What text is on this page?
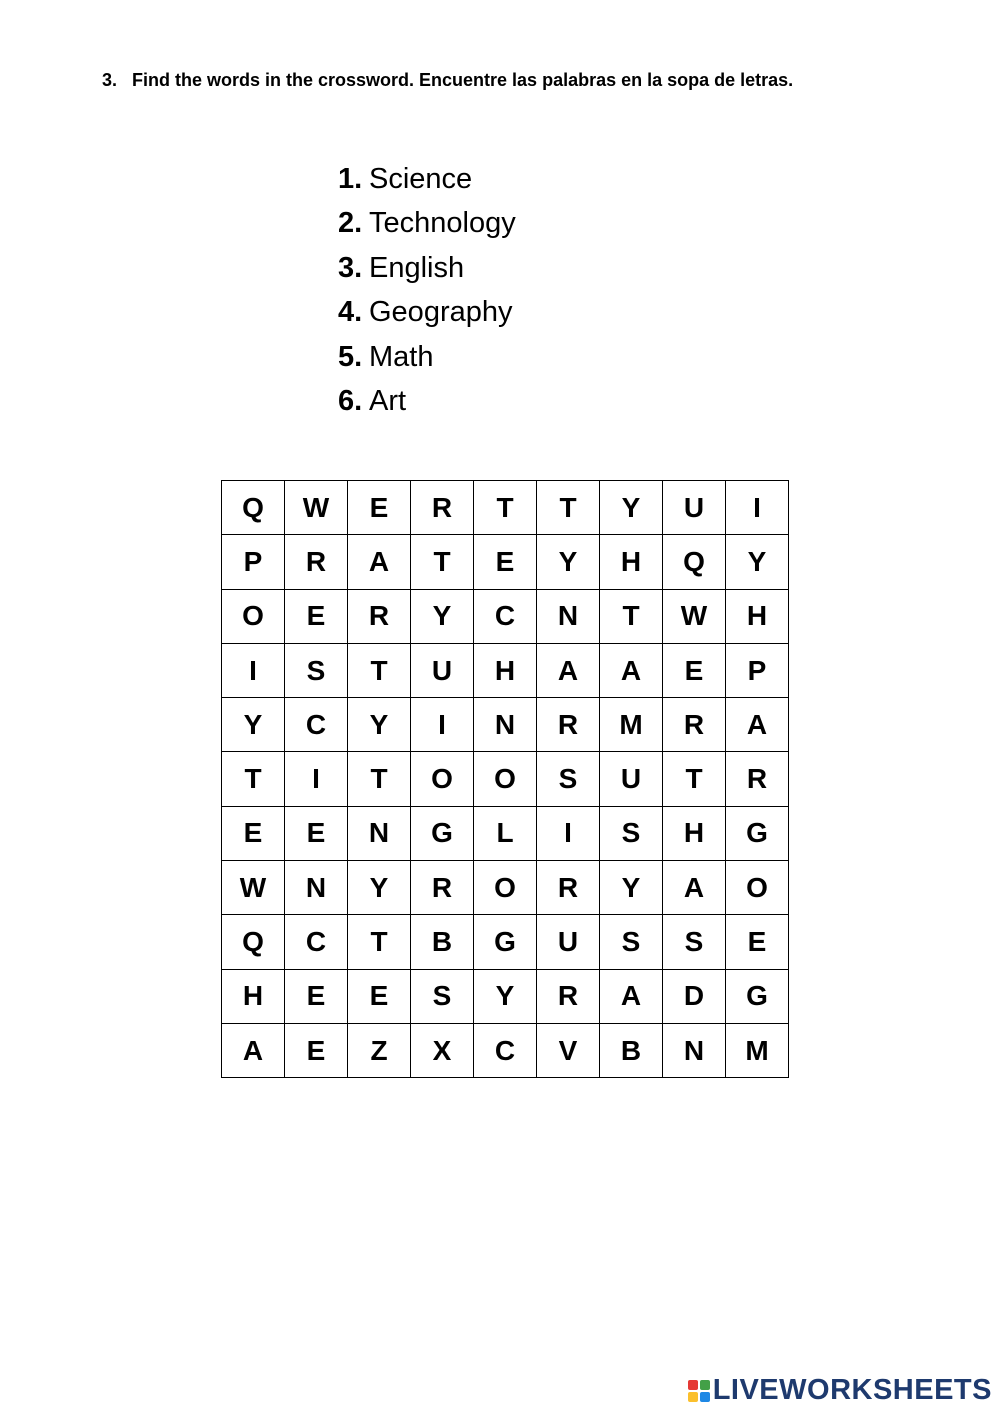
3. Find the words in the crossword. Encuentre las palabras en la sopa de letras.
1. Science
2. Technology
3. English
4. Geography
5. Math
6. Art
Q	W	E	R	T	T	Y	U	I
P	R	A	T	E	Y	H	Q	Y
O	E	R	Y	C	N	T	W	H
I	S	T	U	H	A	A	E	P
Y	C	Y	I	N	R	M	R	A
T	I	T	O	O	S	U	T	R
E	E	N	G	L	I	S	H	G
W	N	Y	R	O	R	Y	A	O
Q	C	T	B	G	U	S	S	E
H	E	E	S	Y	R	A	D	G
A	E	Z	X	C	V	B	N	M
LIVEWORKSHEETS
